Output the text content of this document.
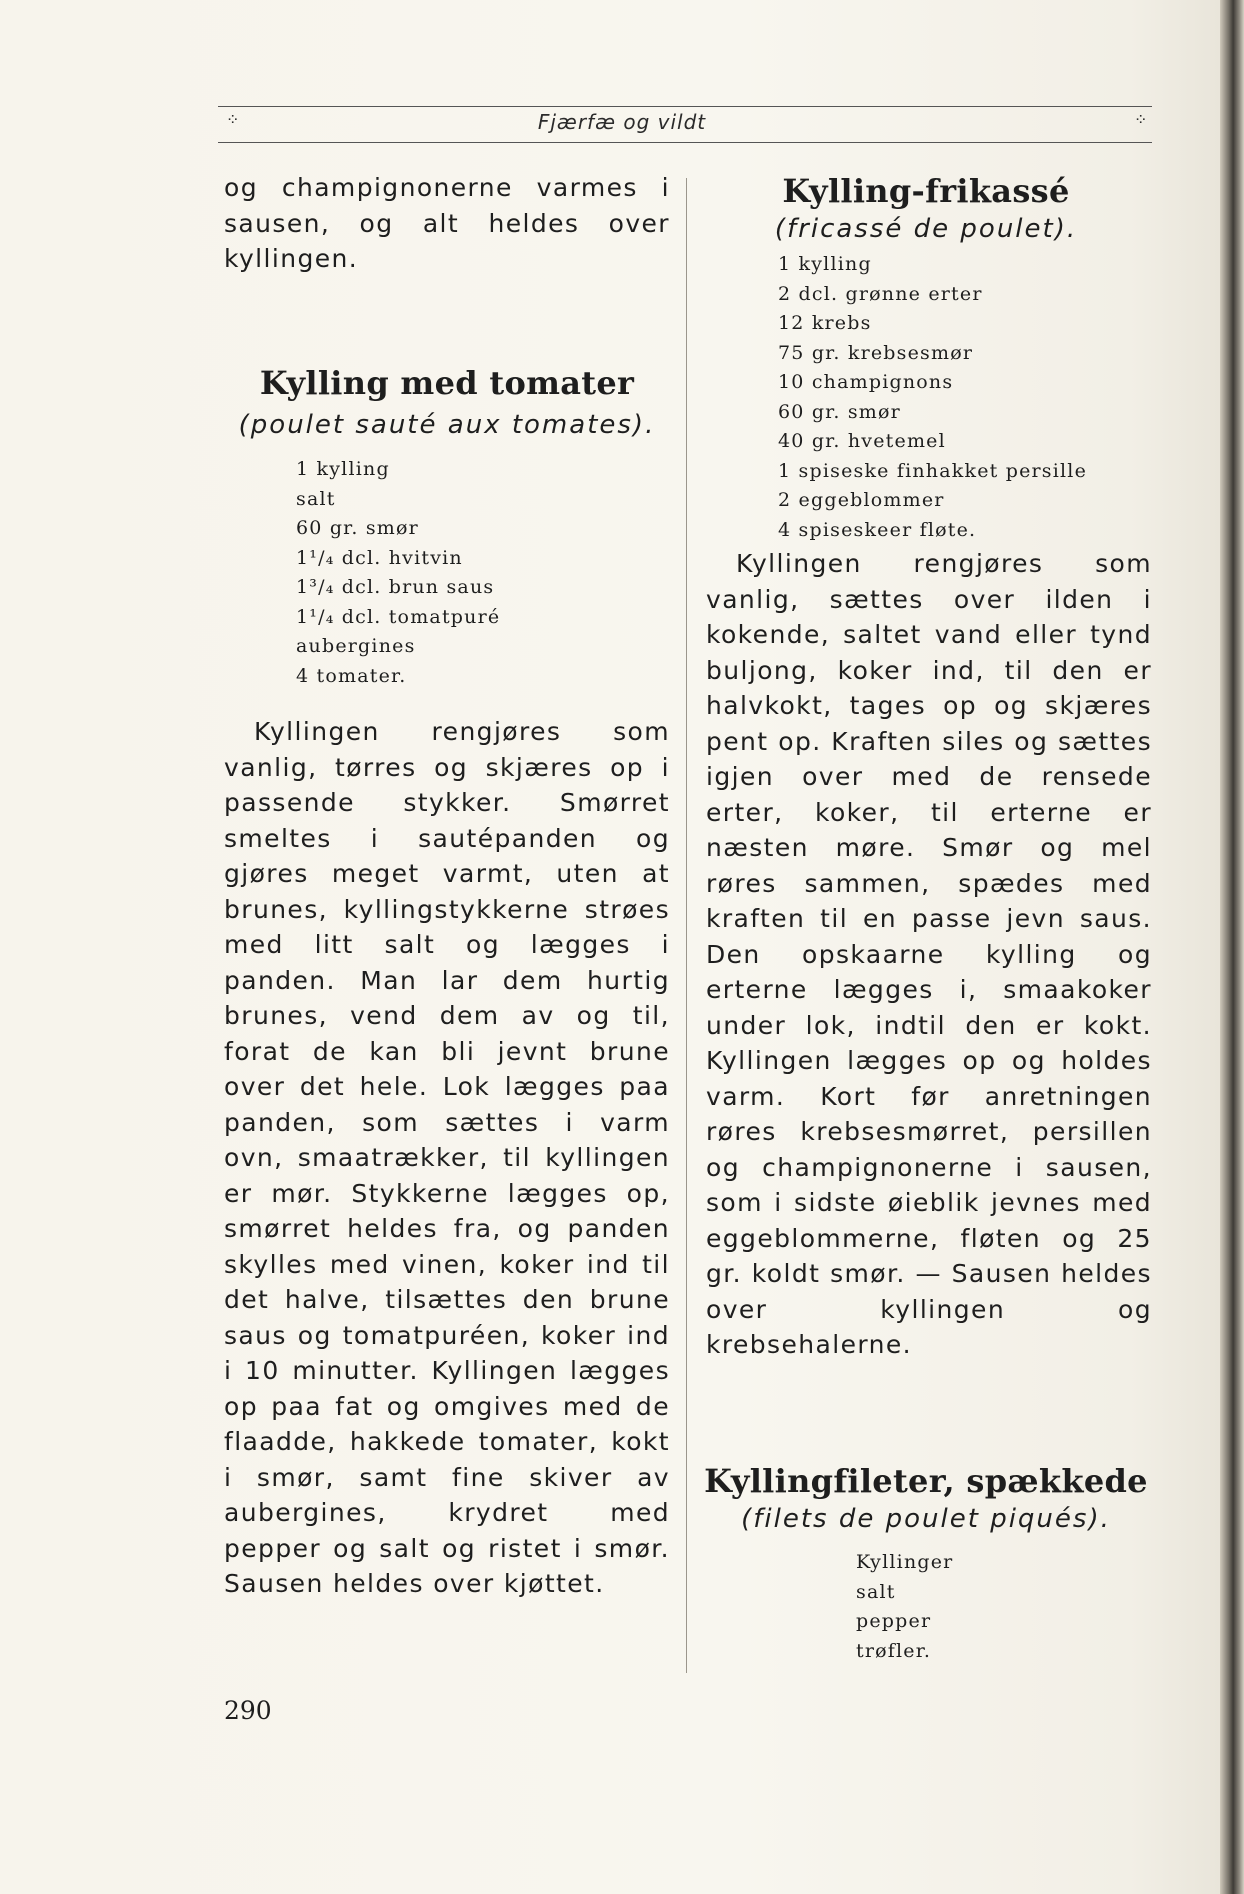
⁘	Fjærfæ og vildt	⁘
og champignonerne varmes i sausen, og alt heldes over kyllingen.
Kylling med tomater

(poulet sauté aux tomates).

1 kylling
salt
60 gr. smør
1¹/₄ dcl. hvitvin
1³/₄ dcl. brun saus
1¹/₄ dcl. tomatpuré
aubergines
4 tomater.
Kyllingen rengjøres som vanlig, tørres og skjæres op i passende stykker. Smørret smeltes i sautépanden og gjøres meget varmt, uten at brunes, kyllingstykkerne strøes med litt salt og lægges i panden. Man lar dem hurtig brunes, vend dem av og til, forat de kan bli jevnt brune over det hele. Lok lægges paa panden, som sættes i varm ovn, smaatrækker, til kyllingen er mør. Stykkerne lægges op, smørret heldes fra, og panden skylles med vinen, koker ind til det halve, tilsættes den brune saus og tomatpuréen, koker ind i 10 minutter. Kyllingen lægges op paa fat og omgives med de flaadde, hakkede tomater, kokt i smør, samt fine skiver av aubergines, krydret med pepper og salt og ristet i smør. Sausen heldes over kjøttet.
Kylling-frikassé

(fricassé de poulet).

1 kylling
2 dcl. grønne erter
12 krebs
75 gr. krebsesmør
10 champignons
60 gr. smør
40 gr. hvetemel
1 spiseske finhakket persille
2 eggeblommer
4 spiseskeer fløte.
Kyllingen rengjøres som vanlig, sættes over ilden i kokende, saltet vand eller tynd buljong, koker ind, til den er halvkokt, tages op og skjæres pent op. Kraften siles og sættes igjen over med de rensede erter, koker, til erterne er næsten møre. Smør og mel røres sammen, spædes med kraften til en passe jevn saus. Den opskaarne kylling og erterne lægges i, smaakoker under lok, indtil den er kokt. Kyllingen lægges op og holdes varm. Kort før anretningen røres krebsesmørret, persillen og champignonerne i sausen, som i sidste øieblik jevnes med eggeblommerne, fløten og 25 gr. koldt smør. — Sausen heldes over kyllingen og krebsehalerne.
Kyllingfileter, spækkede

(filets de poulet piqués).

Kyllinger
salt
pepper
trøfler.
290
